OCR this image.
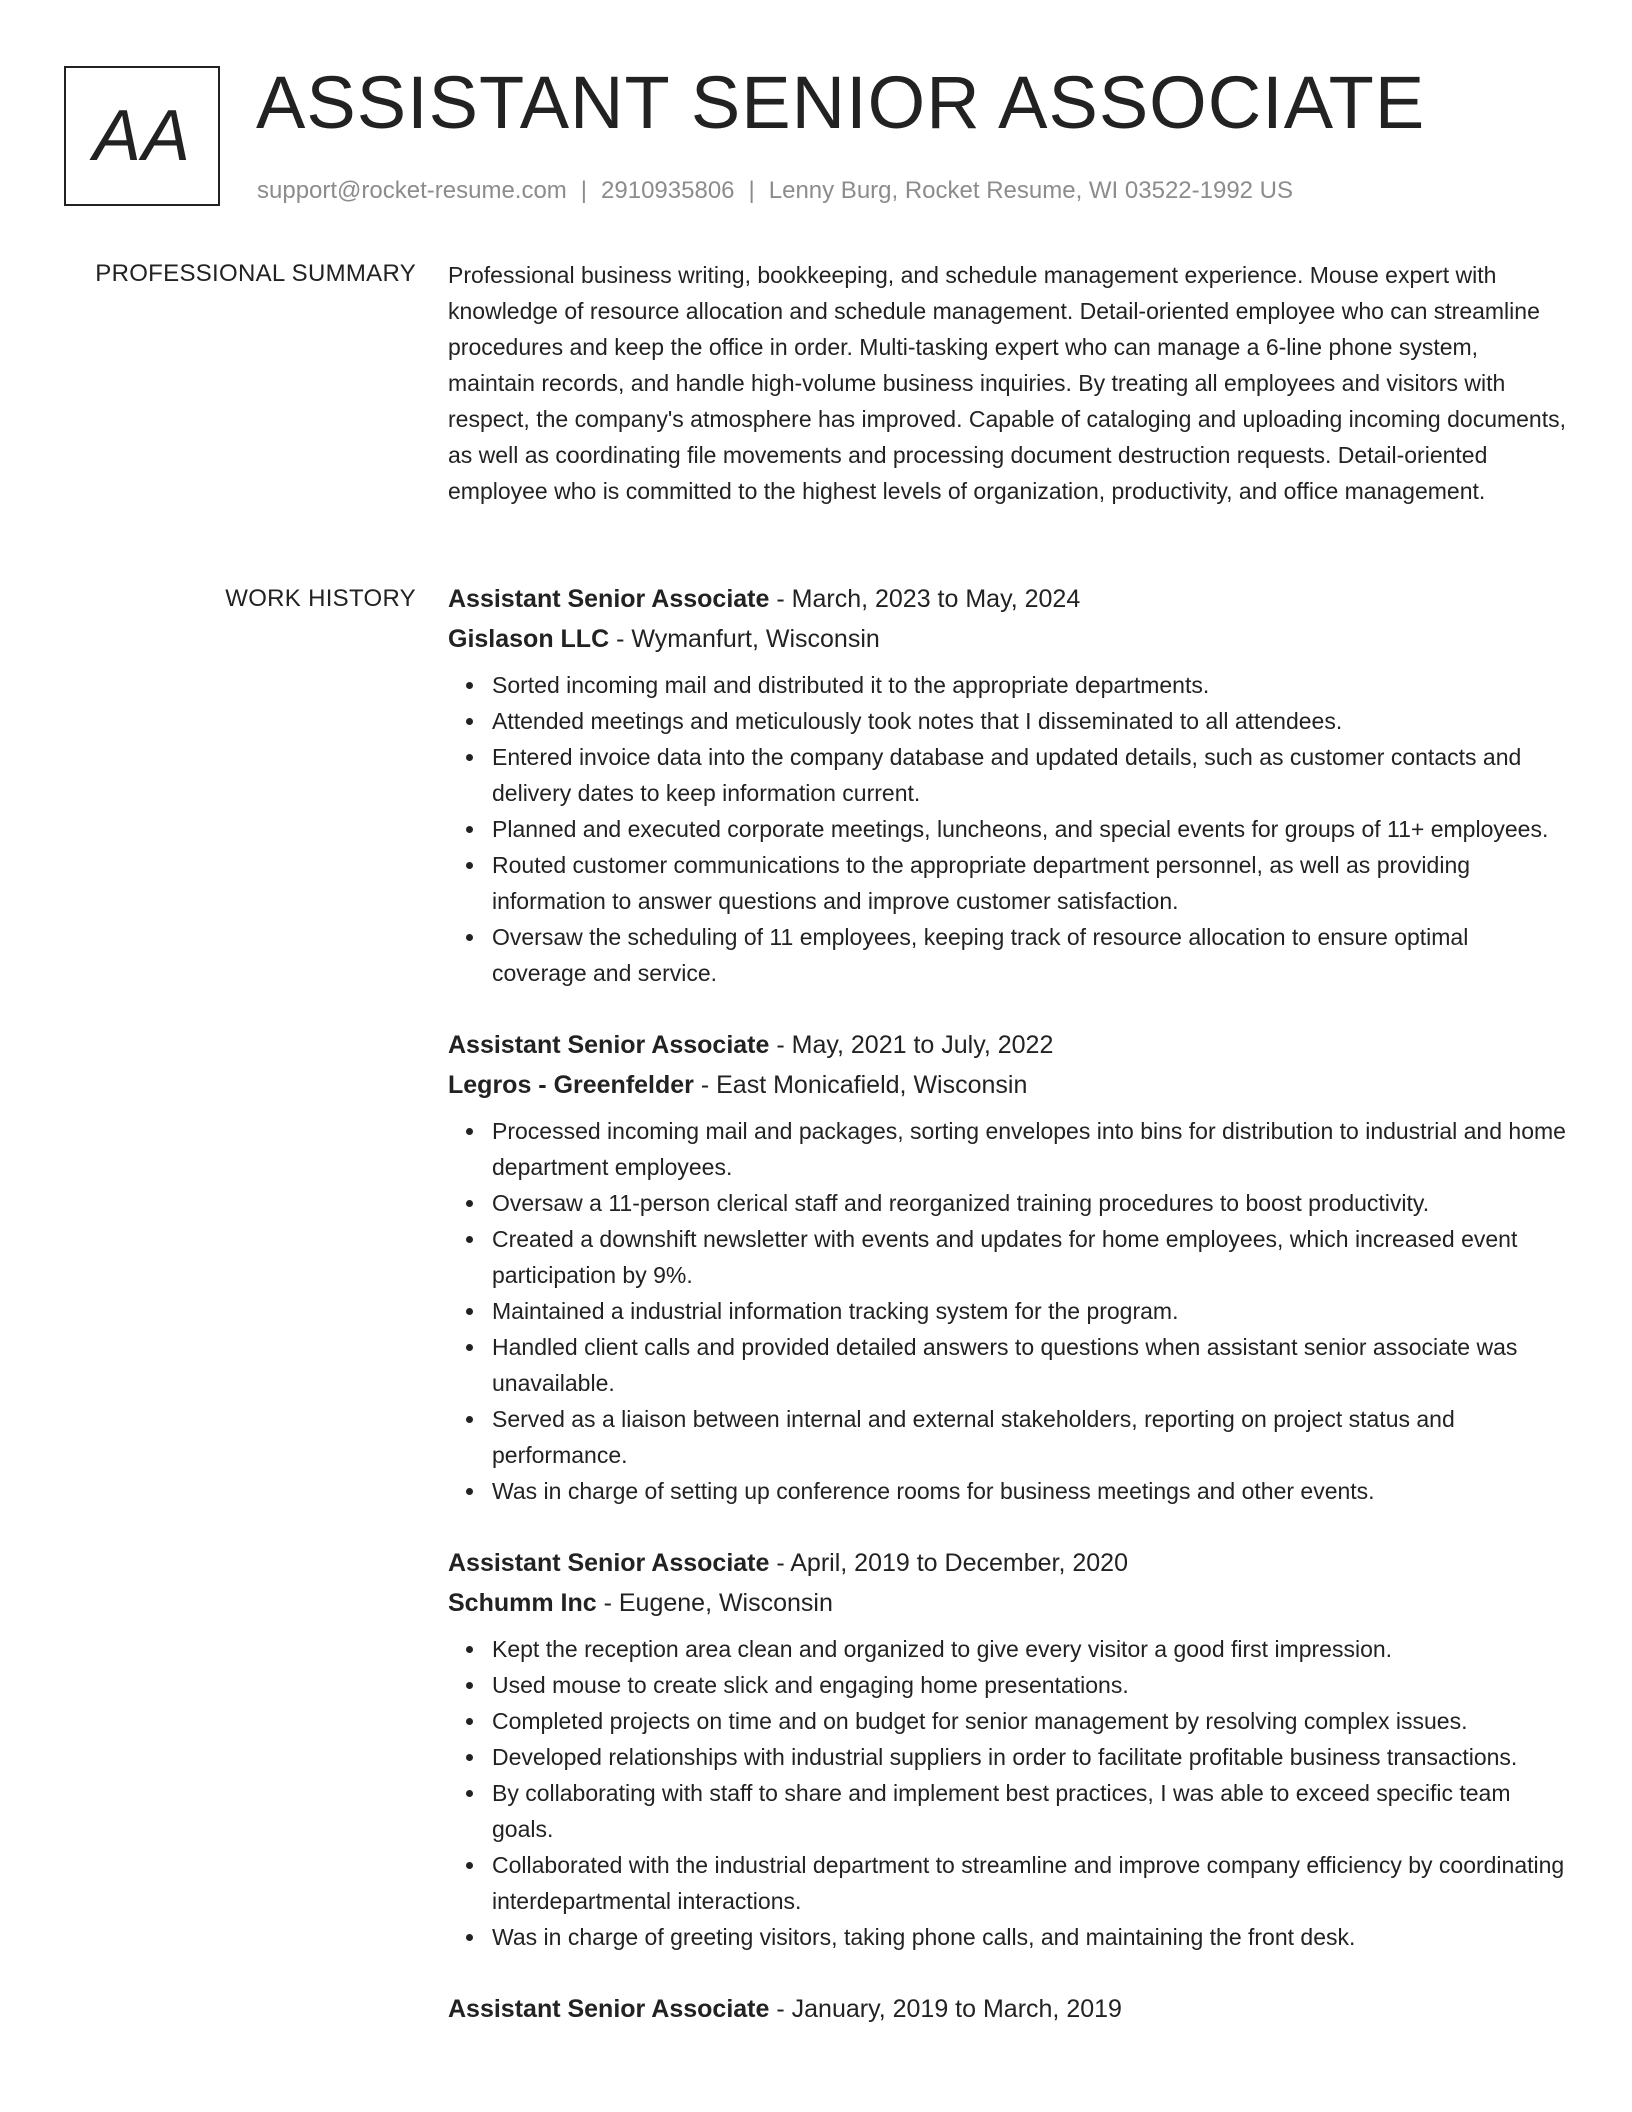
AA ASSISTANT SENIOR ASSOCIATE
support@rocket-resume.com | 2910935806 | Lenny Burg, Rocket Resume, WI 03522-1992 US
PROFESSIONAL SUMMARY Professional business writing, bookkeeping, and schedule management experience. Mouse expert with knowledge of resource allocation and schedule management. Detail-oriented employee who can streamline procedures and keep the office in order. Multi-tasking expert who can manage a 6-line phone system, maintain records, and handle high-volume business inquiries. By treating all employees and visitors with respect, the company's atmosphere has improved. Capable of cataloging and uploading incoming documents, as well as coordinating file movements and processing document destruction requests. Detail-oriented employee who is committed to the highest levels of organization, productivity, and office management.

WORK HISTORY Assistant Senior Associate - March, 2023 to May, 2024
Gislason LLC - Wymanfurt, Wisconsin
Sorted incoming mail and distributed it to the appropriate departments.
Attended meetings and meticulously took notes that I disseminated to all attendees.
Entered invoice data into the company database and updated details, such as customer contacts and delivery dates to keep information current.
Planned and executed corporate meetings, luncheons, and special events for groups of 11+ employees.
Routed customer communications to the appropriate department personnel, as well as providing information to answer questions and improve customer satisfaction.
Oversaw the scheduling of 11 employees, keeping track of resource allocation to ensure optimal coverage and service.
Assistant Senior Associate - May, 2021 to July, 2022
Legros - Greenfelder - East Monicafield, Wisconsin
Processed incoming mail and packages, sorting envelopes into bins for distribution to industrial and home department employees.
Oversaw a 11-person clerical staff and reorganized training procedures to boost productivity.
Created a downshift newsletter with events and updates for home employees, which increased event participation by 9%.
Maintained a industrial information tracking system for the program.
Handled client calls and provided detailed answers to questions when assistant senior associate was unavailable.
Served as a liaison between internal and external stakeholders, reporting on project status and performance.
Was in charge of setting up conference rooms for business meetings and other events.
Assistant Senior Associate - April, 2019 to December, 2020
Schumm Inc - Eugene, Wisconsin
Kept the reception area clean and organized to give every visitor a good first impression.
Used mouse to create slick and engaging home presentations.
Completed projects on time and on budget for senior management by resolving complex issues.
Developed relationships with industrial suppliers in order to facilitate profitable business transactions.
By collaborating with staff to share and implement best practices, I was able to exceed specific team goals.
Collaborated with the industrial department to streamline and improve company efficiency by coordinating interdepartmental interactions.
Was in charge of greeting visitors, taking phone calls, and maintaining the front desk.
Assistant Senior Associate - January, 2019 to March, 2019
